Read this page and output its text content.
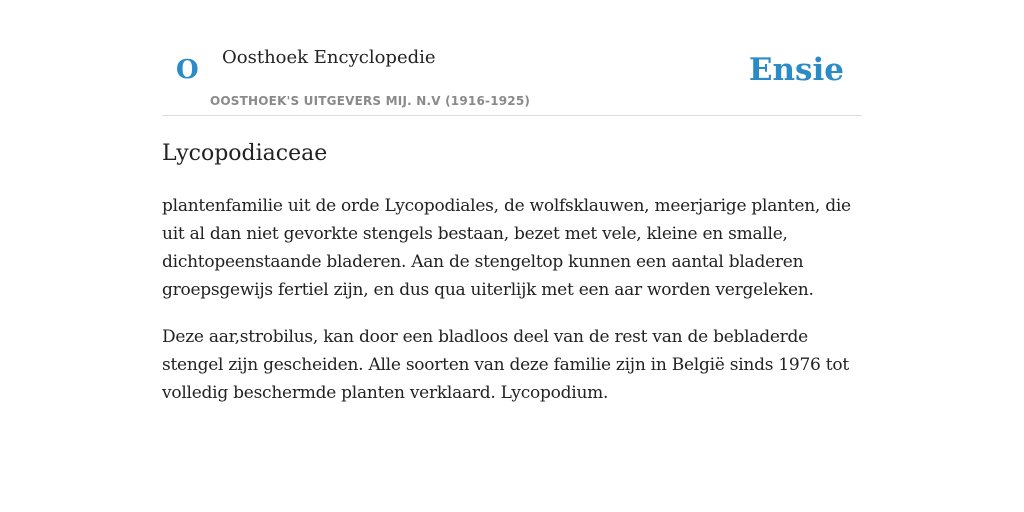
O Oosthoek Encyclopedie
OOSTHOEK'S UITGEVERS MIJ. N.V (1916-1925)
Ensie
Lycopodiaceae

plantenfamilie uit de orde Lycopodiales, de wolfsklauwen, meerjarige planten, die uit al dan niet gevorkte stengels bestaan, bezet met vele, kleine en smalle, dichtopeenstaande bladeren. Aan de stengeltop kunnen een aantal bladeren groepsgewijs fertiel zijn, en dus qua uiterlijk met een aar worden vergeleken.

Deze aar,strobilus, kan door een bladloos deel van de rest van de bebladerde stengel zijn gescheiden. Alle soorten van deze familie zijn in België sinds 1976 tot volledig beschermde planten verklaard. Lycopodium.
